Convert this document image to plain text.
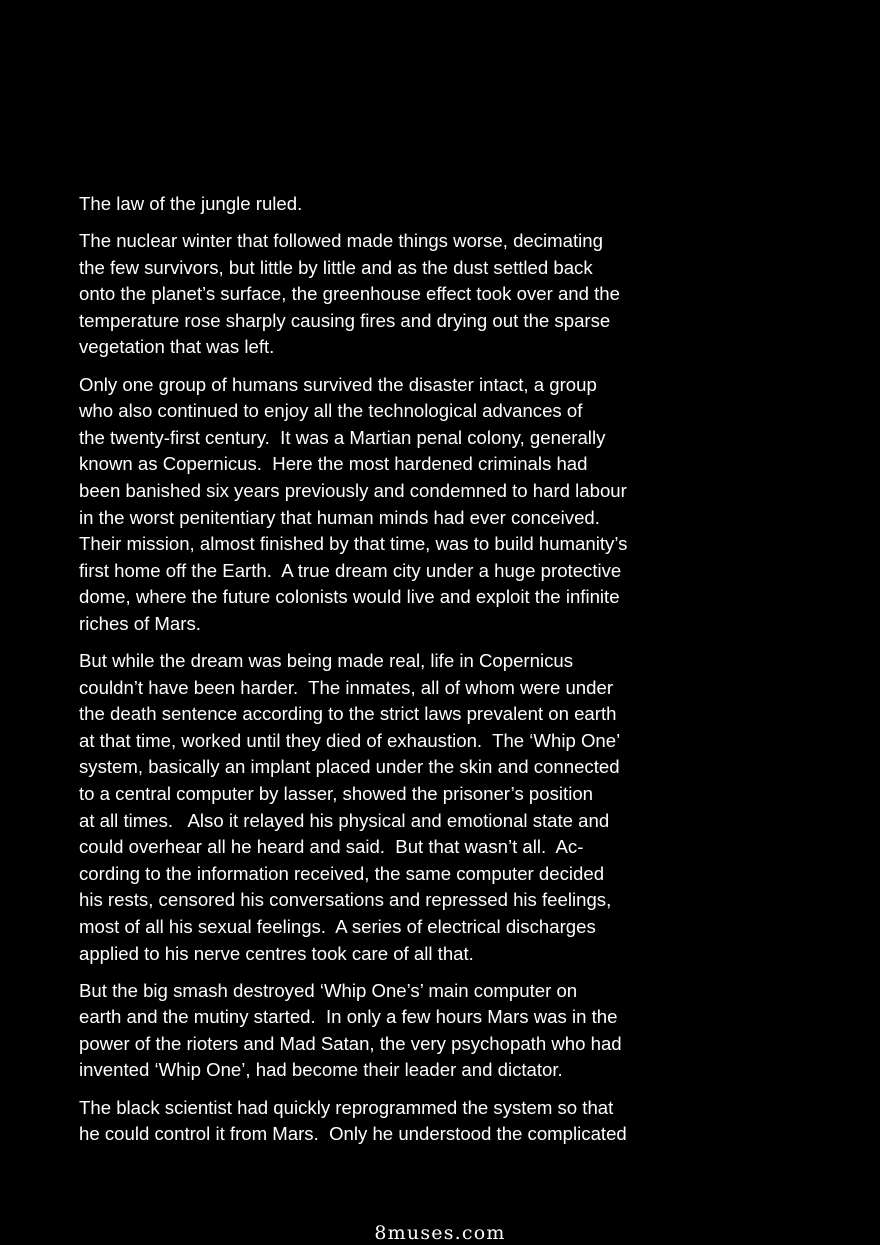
The law of the jungle ruled.

The nuclear winter that followed made things worse, decimating
the few survivors, but little by little and as the dust settled back
onto the planet’s surface, the greenhouse effect took over and the
temperature rose sharply causing fires and drying out the sparse
vegetation that was left.

Only one group of humans survived the disaster intact, a group
who also continued to enjoy all the technological advances of
the twenty-first century.  It was a Martian penal colony, generally
known as Copernicus.  Here the most hardened criminals had
been banished six years previously and condemned to hard labour
in the worst penitentiary that human minds had ever conceived.
Their mission, almost finished by that time, was to build humanity’s
first home off the Earth.  A true dream city under a huge protective
dome, where the future colonists would live and exploit the infinite
riches of Mars.

But while the dream was being made real, life in Copernicus
couldn’t have been harder.  The inmates, all of whom were under
the death sentence according to the strict laws prevalent on earth
at that time, worked until they died of exhaustion.  The ‘Whip One’
system, basically an implant placed under the skin and connected
to a central computer by lasser, showed the prisoner’s position
at all times.   Also it relayed his physical and emotional state and
could overhear all he heard and said.  But that wasn’t all.  Ac-
cording to the information received, the same computer decided
his rests, censored his conversations and repressed his feelings,
most of all his sexual feelings.  A series of electrical discharges
applied to his nerve centres took care of all that.

But the big smash destroyed ‘Whip One’s’ main computer on
earth and the mutiny started.  In only a few hours Mars was in the
power of the rioters and Mad Satan, the very psychopath who had
invented ‘Whip One’, had become their leader and dictator.

The black scientist had quickly reprogrammed the system so that
he could control it from Mars.  Only he understood the complicated

8muses.com
